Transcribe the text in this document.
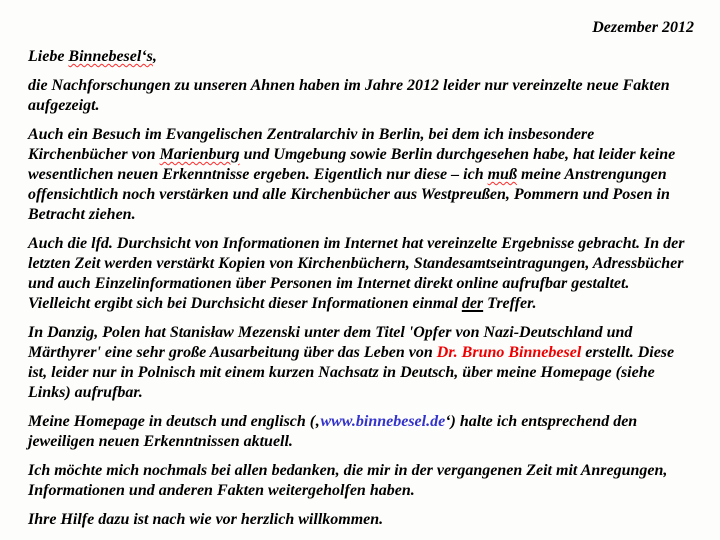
Dezember 2012

Liebe Binnebesel‘s,

die Nachforschungen zu unseren Ahnen haben im Jahre 2012 leider nur vereinzelte neue Fakten aufgezeigt.

Auch ein Besuch im Evangelischen Zentralarchiv in Berlin, bei dem ich insbesondere Kirchenbücher von Marienburg und Umgebung sowie Berlin durchgesehen habe, hat leider keine wesentlichen neuen Erkenntnisse ergeben. Eigentlich nur diese – ich muß meine Anstrengungen offensichtlich noch verstärken und alle Kirchenbücher aus Westpreußen, Pommern und Posen in Betracht ziehen.

Auch die lfd. Durchsicht von Informationen im Internet hat vereinzelte Ergebnisse gebracht. In der letzten Zeit werden verstärkt Kopien von Kirchenbüchern, Standesamtseintragungen, Adressbücher und auch Einzelinformationen über Personen im Internet direkt online aufrufbar gestaltet. Vielleicht ergibt sich bei Durchsicht dieser Informationen einmal der Treffer.

In Danzig, Polen hat Stanisław Mezenski unter dem Titel 'Opfer von Nazi-Deutschland und Märthyrer' eine sehr große Ausarbeitung über das Leben von Dr. Bruno Binnebesel erstellt. Diese ist, leider nur in Polnisch mit einem kurzen Nachsatz in Deutsch, über meine Homepage (siehe Links) aufrufbar.

Meine Homepage in deutsch und englisch (‚www.binnebesel.de‘) halte ich entsprechend den jeweiligen neuen Erkenntnissen aktuell.

Ich möchte mich nochmals bei allen bedanken, die mir in der vergangenen Zeit mit Anregungen, Informationen und anderen Fakten weitergeholfen haben.

Ihre Hilfe dazu ist nach wie vor herzlich willkommen.
